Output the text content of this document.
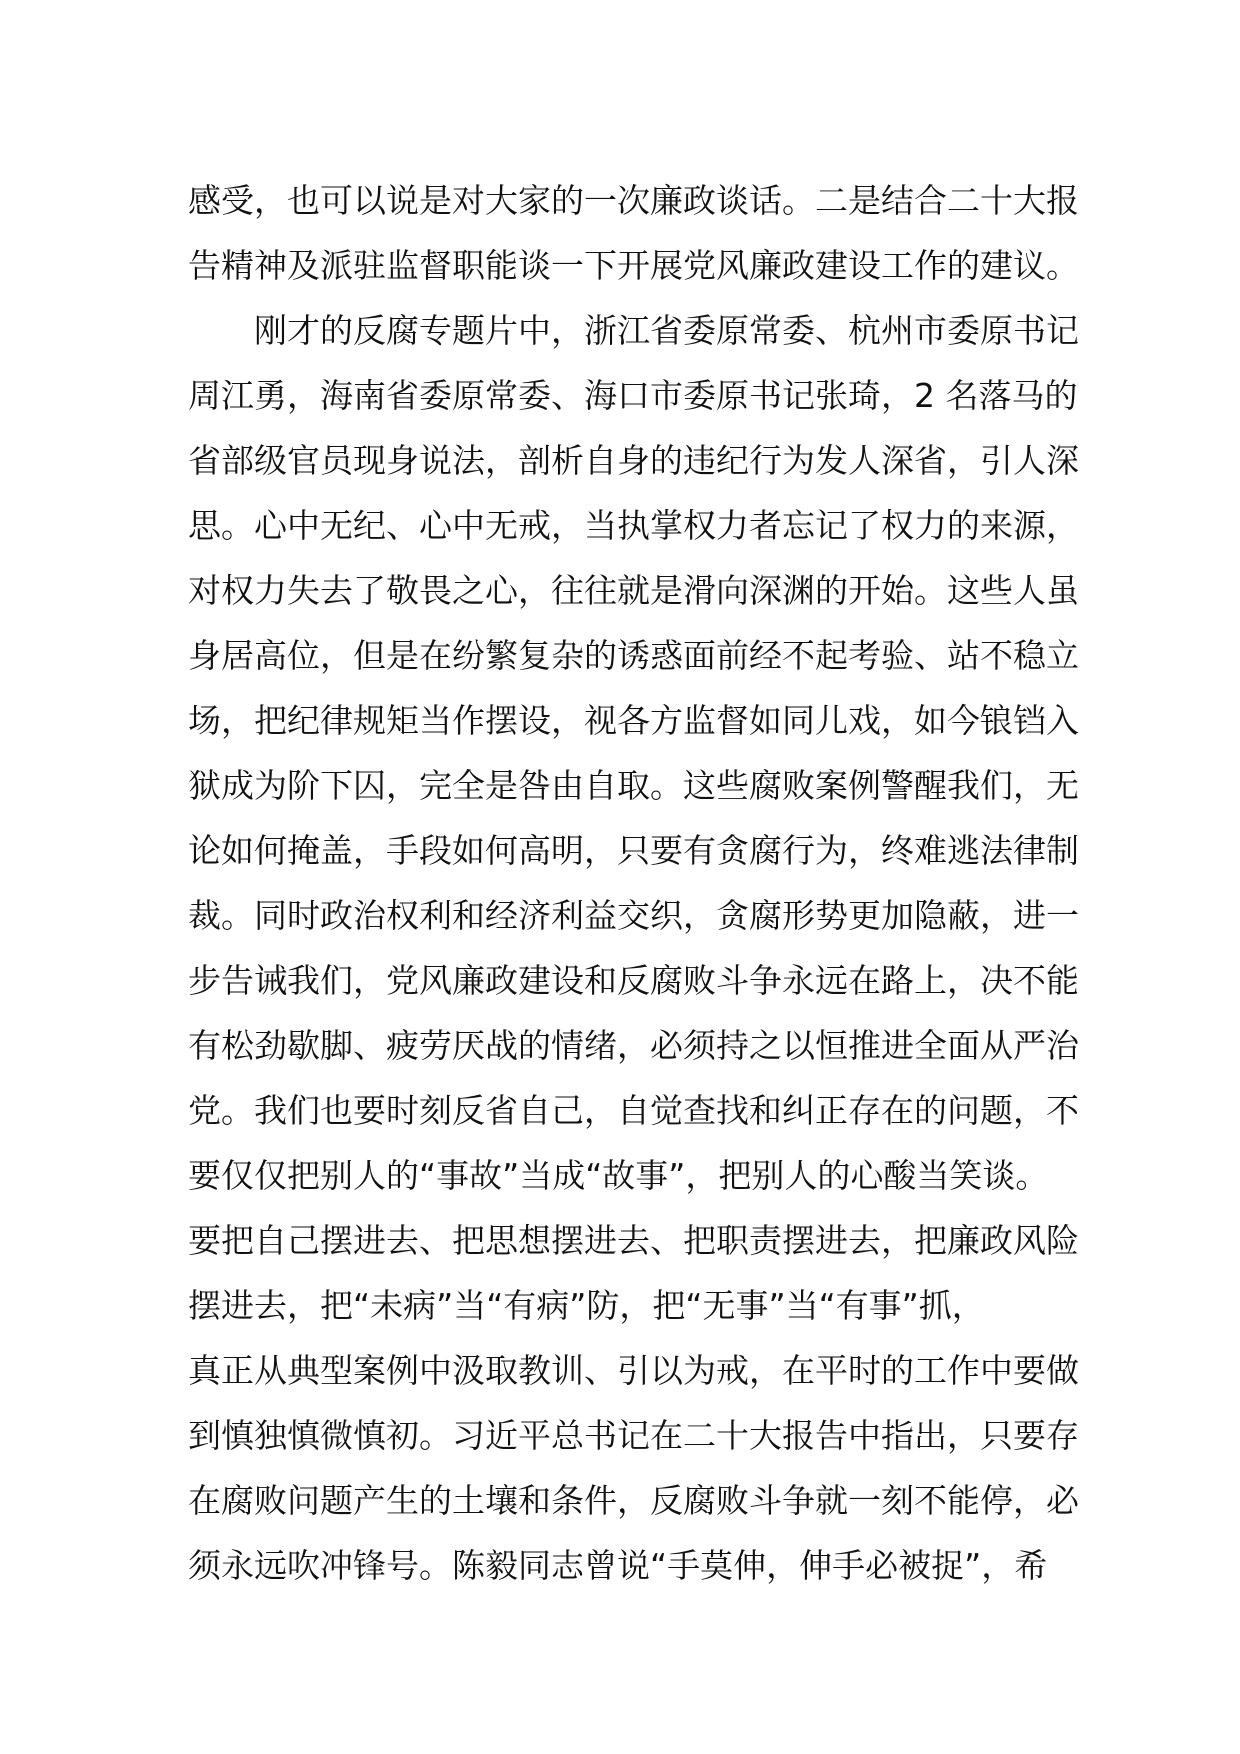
感受，也可以说是对大家的一次廉政谈话。二是结合二十大报
告精神及派驻监督职能谈一下开展党风廉政建设工作的建议。
刚才的反腐专题片中，浙江省委原常委、杭州市委原书记
周江勇，海南省委原常委、海口市委原书记张琦，2 名落马的
省部级官员现身说法，剖析自身的违纪行为发人深省，引人深
思。心中无纪、心中无戒，当执掌权力者忘记了权力的来源，
对权力失去了敬畏之心，往往就是滑向深渊的开始。这些人虽
身居高位，但是在纷繁复杂的诱惑面前经不起考验、站不稳立
场，把纪律规矩当作摆设，视各方监督如同儿戏，如今锒铛入
狱成为阶下囚，完全是咎由自取。这些腐败案例警醒我们，无
论如何掩盖，手段如何高明，只要有贪腐行为，终难逃法律制
裁。同时政治权利和经济利益交织，贪腐形势更加隐蔽，进一
步告诫我们，党风廉政建设和反腐败斗争永远在路上，决不能
有松劲歇脚、疲劳厌战的情绪，必须持之以恒推进全面从严治
党。我们也要时刻反省自己，自觉查找和纠正存在的问题，不
要仅仅把别人的“事故”当成“故事”，把别人的心酸当笑谈。
要把自己摆进去、把思想摆进去、把职责摆进去，把廉政风险
摆进去，把“未病”当“有病”防，把“无事”当“有事”抓，
真正从典型案例中汲取教训、引以为戒，在平时的工作中要做
到慎独慎微慎初。习近平总书记在二十大报告中指出，只要存
在腐败问题产生的土壤和条件，反腐败斗争就一刻不能停，必
须永远吹冲锋号。陈毅同志曾说“手莫伸，伸手必被捉”，希
